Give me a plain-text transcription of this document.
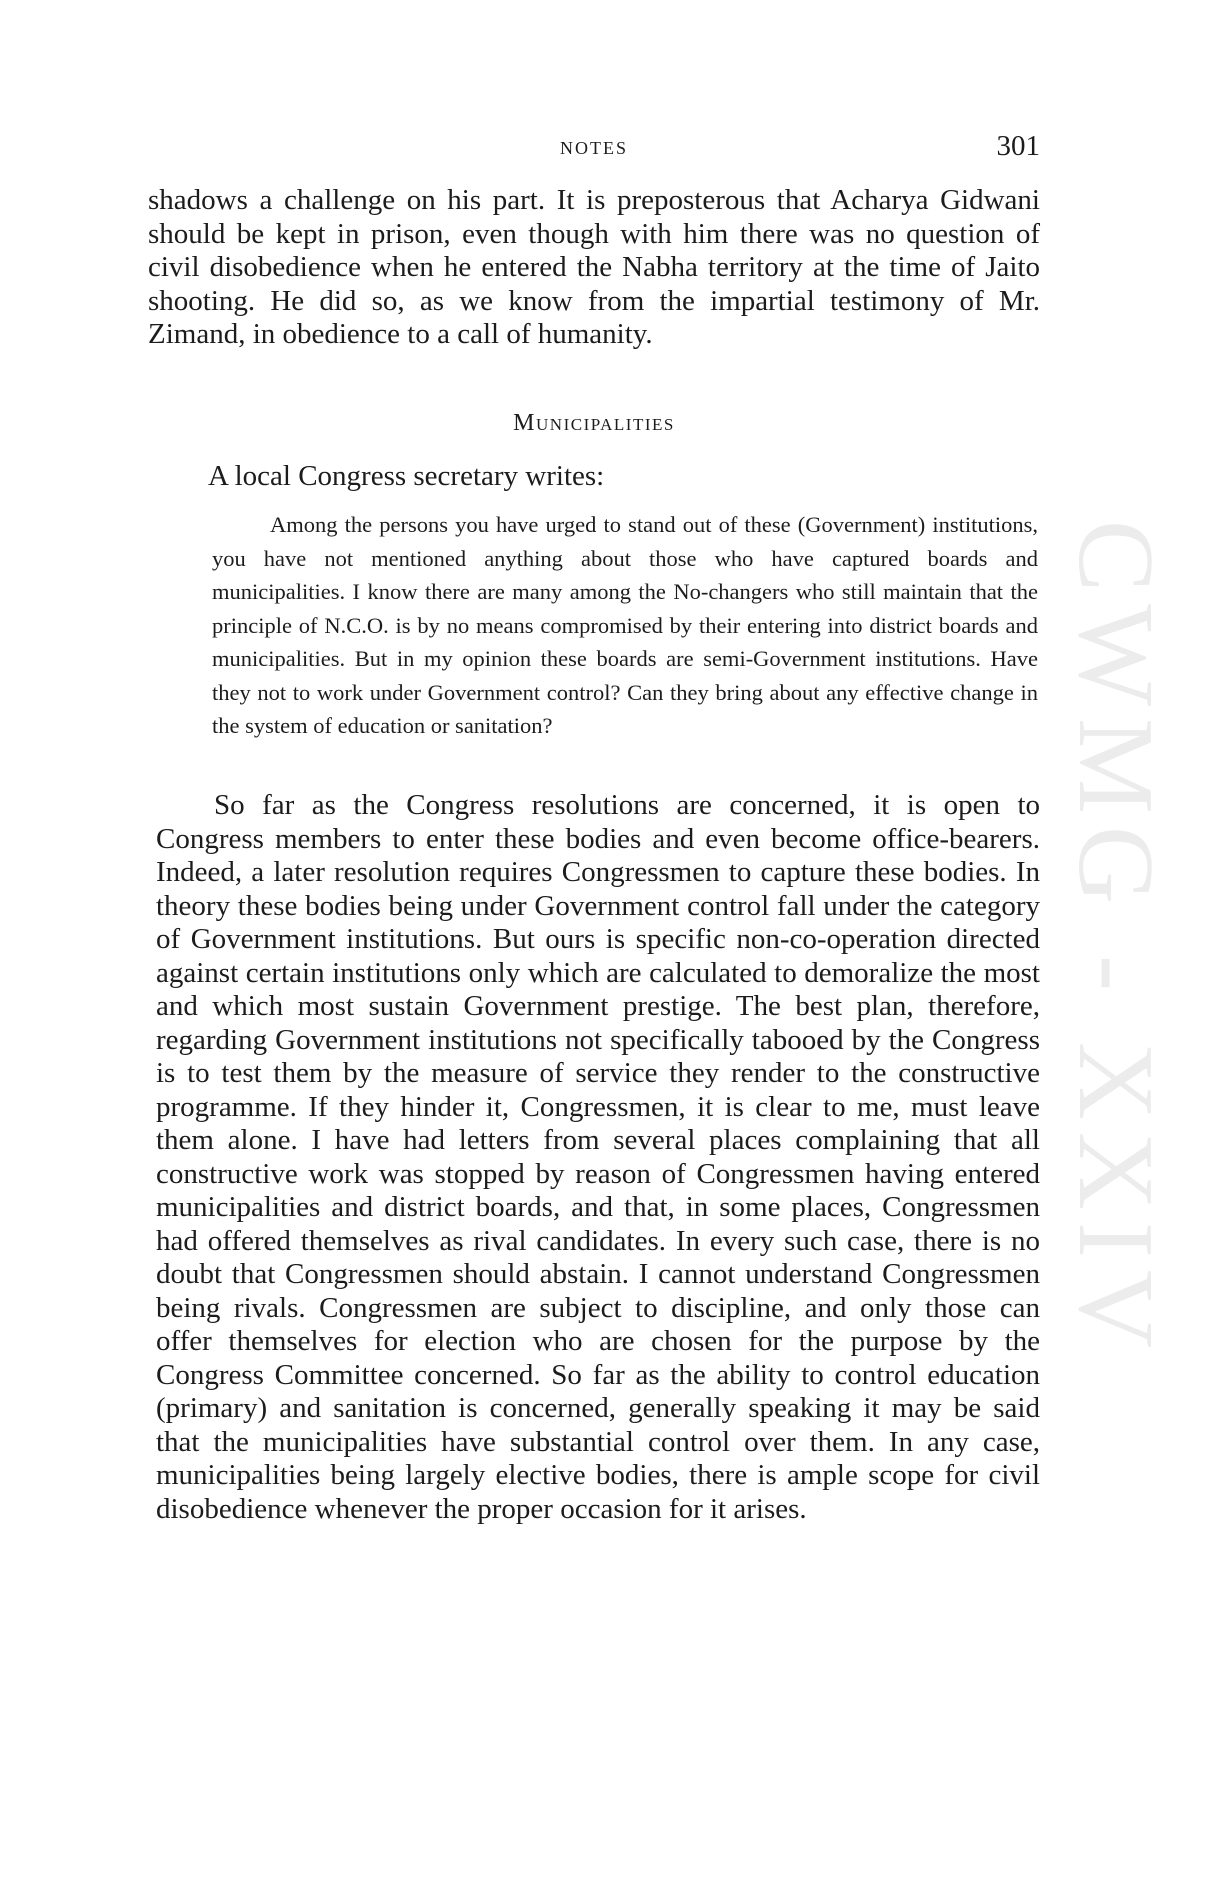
NOTES	301

shadows a challenge on his part. It is preposterous that Acharya Gidwani should be kept in prison, even though with him there was no question of civil disobedience when he entered the Nabha territory at the time of Jaito shooting. He did so, as we know from the impartial testimony of Mr. Zimand, in obedience to a call of humanity.

Municipalities

A local Congress secretary writes:

Among the persons you have urged to stand out of these (Government) institutions, you have not mentioned anything about those who have captured boards and municipalities. I know there are many among the No-changers who still maintain that the principle of N.C.O. is by no means compromised by their entering into district boards and municipalities. But in my opinion these boards are semi-Government institutions. Have they not to work under Government control? Can they bring about any effective change in the system of education or sanitation?

So far as the Congress resolutions are concerned, it is open to Congress members to enter these bodies and even become office-bearers. Indeed, a later resolution requires Congressmen to capture these bodies. In theory these bodies being under Government control fall under the category of Government institutions. But ours is specific non-co-operation directed against certain institutions only which are calculated to demoralize the most and which most sustain Government prestige. The best plan, therefore, regarding Government institutions not specifically tabooed by the Congress is to test them by the measure of service they render to the constructive programme. If they hinder it, Congressmen, it is clear to me, must leave them alone. I have had letters from several places complaining that all constructive work was stopped by reason of Congressmen having entered municipalities and district boards, and that, in some places, Congressmen had offered themselves as rival candidates. In every such case, there is no doubt that Congressmen should abstain. I cannot understand Congressmen being rivals. Congressmen are subject to discipline, and only those can offer themselves for election who are chosen for the purpose by the Congress Committee concerned. So far as the ability to control education (primary) and sanitation is concerned, generally speaking it may be said that the municipalities have substantial control over them. In any case, municipalities being largely elective bodies, there is ample scope for civil disobedience whenever the proper occasion for it arises.

CWMG - XXIV
